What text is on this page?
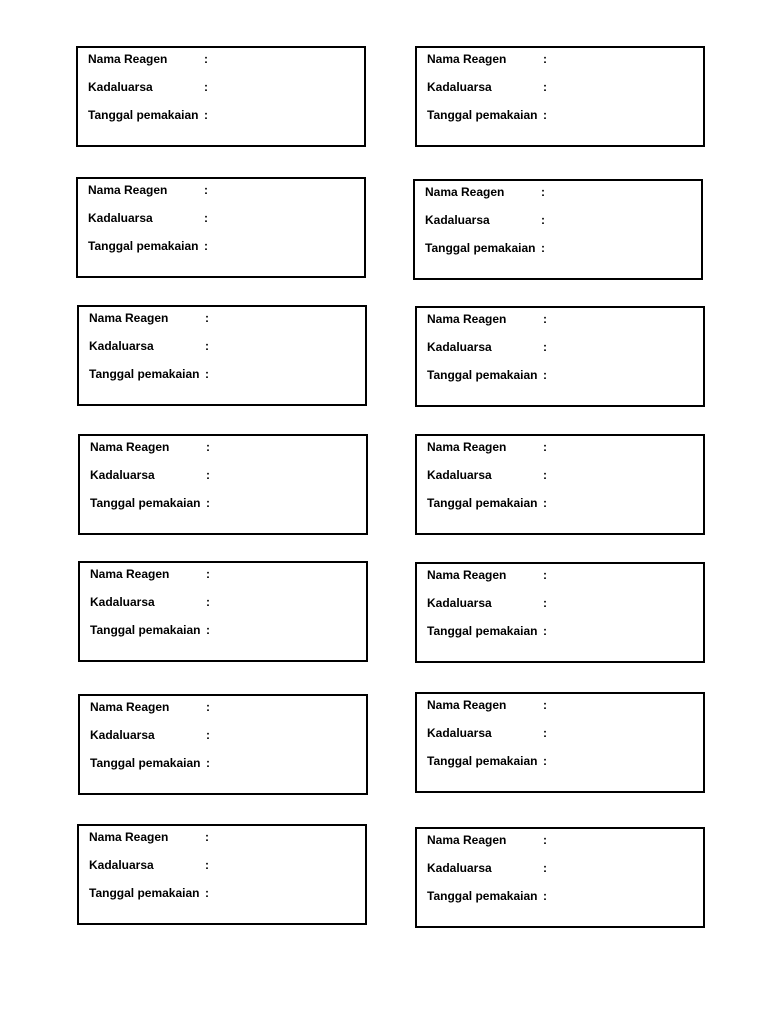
Nama Reagen	:
Kadaluarsa	:
Tanggal pemakaian :
Nama Reagen	:
Kadaluarsa	:
Tanggal pemakaian :
Nama Reagen	:
Kadaluarsa	:
Tanggal pemakaian :
Nama Reagen	:
Kadaluarsa	:
Tanggal pemakaian :
Nama Reagen	:
Kadaluarsa	:
Tanggal pemakaian :
Nama Reagen	:
Kadaluarsa	:
Tanggal pemakaian :
Nama Reagen	:
Kadaluarsa	:
Tanggal pemakaian :
Nama Reagen	:
Kadaluarsa	:
Tanggal pemakaian :
Nama Reagen	:
Kadaluarsa	:
Tanggal pemakaian :
Nama Reagen	:
Kadaluarsa	:
Tanggal pemakaian :
Nama Reagen	:
Kadaluarsa	:
Tanggal pemakaian :
Nama Reagen	:
Kadaluarsa	:
Tanggal pemakaian :
Nama Reagen	:
Kadaluarsa	:
Tanggal pemakaian :
Nama Reagen	:
Kadaluarsa	:
Tanggal pemakaian :
